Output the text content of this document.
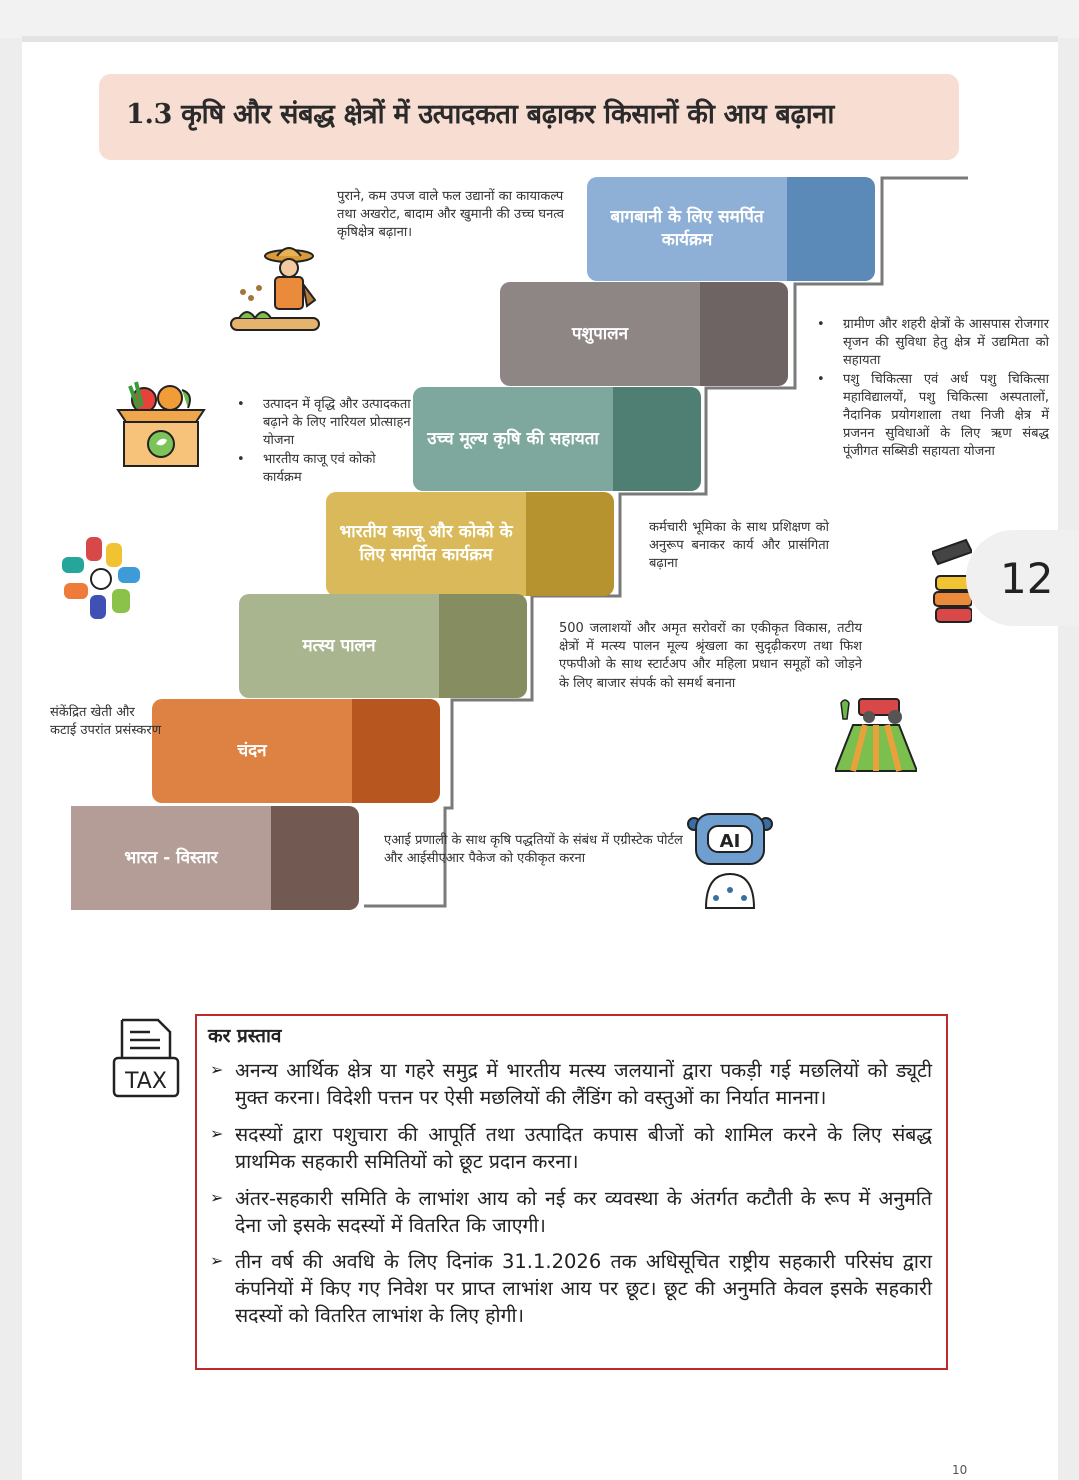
1.3 कृषि और संबद्ध क्षेत्रों में उत्पादकता बढ़ाकर किसानों की आय बढ़ाना
बागबानी के लिए समर्पित कार्यक्रम
पशुपालन
उच्च मूल्य कृषि की सहायता
भारतीय काजू और कोको के लिए समर्पित कार्यक्रम
मत्स्य पालन
चंदन
भारत - विस्तार
पुराने, कम उपज वाले फल उद्यानों का कायाकल्प तथा अखरोट, बादाम और खुमानी की उच्च घनत्व कृषिक्षेत्र बढ़ाना।
• ग्रामीण और शहरी क्षेत्रों के आसपास रोजगार सृजन की सुविधा हेतु क्षेत्र में उद्यमिता को सहायता
• पशु चिकित्सा एवं अर्ध पशु चिकित्सा महाविद्यालयों, पशु चिकित्सा अस्पतालों, नैदानिक प्रयोगशाला तथा निजी क्षेत्र में प्रजनन सुविधाओं के लिए ऋण संबद्ध पूंजीगत सब्सिडी सहायता योजना
• उत्पादन में वृद्धि और उत्पादकता बढ़ाने के लिए नारियल प्रोत्साहन योजना
• भारतीय काजू एवं कोको कार्यक्रम
कर्मचारी भूमिका के साथ प्रशिक्षण को अनुरूप बनाकर कार्य और प्रासंगिता बढ़ाना
500 जलाशयों और अमृत सरोवरों का एकीकृत विकास, तटीय क्षेत्रों में मत्स्य पालन मूल्य श्रृंखला का सुदृढ़ीकरण तथा फिश एफपीओ के साथ स्टार्टअप और महिला प्रधान समूहों को जोड़ने के लिए बाजार संपर्क को समर्थ बनाना
संकेंद्रित खेती और कटाई उपरांत प्रसंस्करण
एआई प्रणाली के साथ कृषि पद्धतियों के संबंध में एग्रीस्टेक पोर्टल और आईसीएआर पैकेज को एकीकृत करना
AI
12
TAX
कर प्रस्ताव
➢ अनन्य आर्थिक क्षेत्र या गहरे समुद्र में भारतीय मत्स्य जलयानों द्वारा पकड़ी गई मछलियों को ड्यूटी मुक्त करना। विदेशी पत्तन पर ऐसी मछलियों की लैंडिंग को वस्तुओं का निर्यात मानना।
➢ सदस्यों द्वारा पशुचारा की आपूर्ति तथा उत्पादित कपास बीजों को शामिल करने के लिए संबद्ध प्राथमिक सहकारी समितियों को छूट प्रदान करना।
➢ अंतर-सहकारी समिति के लाभांश आय को नई कर व्यवस्था के अंतर्गत कटौती के रूप में अनुमति देना जो इसके सदस्यों में वितरित कि जाएगी।
➢ तीन वर्ष की अवधि के लिए दिनांक 31.1.2026 तक अधिसूचित राष्ट्रीय सहकारी परिसंघ द्वारा कंपनियों में किए गए निवेश पर प्राप्त लाभांश आय पर छूट। छूट की अनुमति केवल इसके सहकारी सदस्यों को वितरित लाभांश के लिए होगी।
10
